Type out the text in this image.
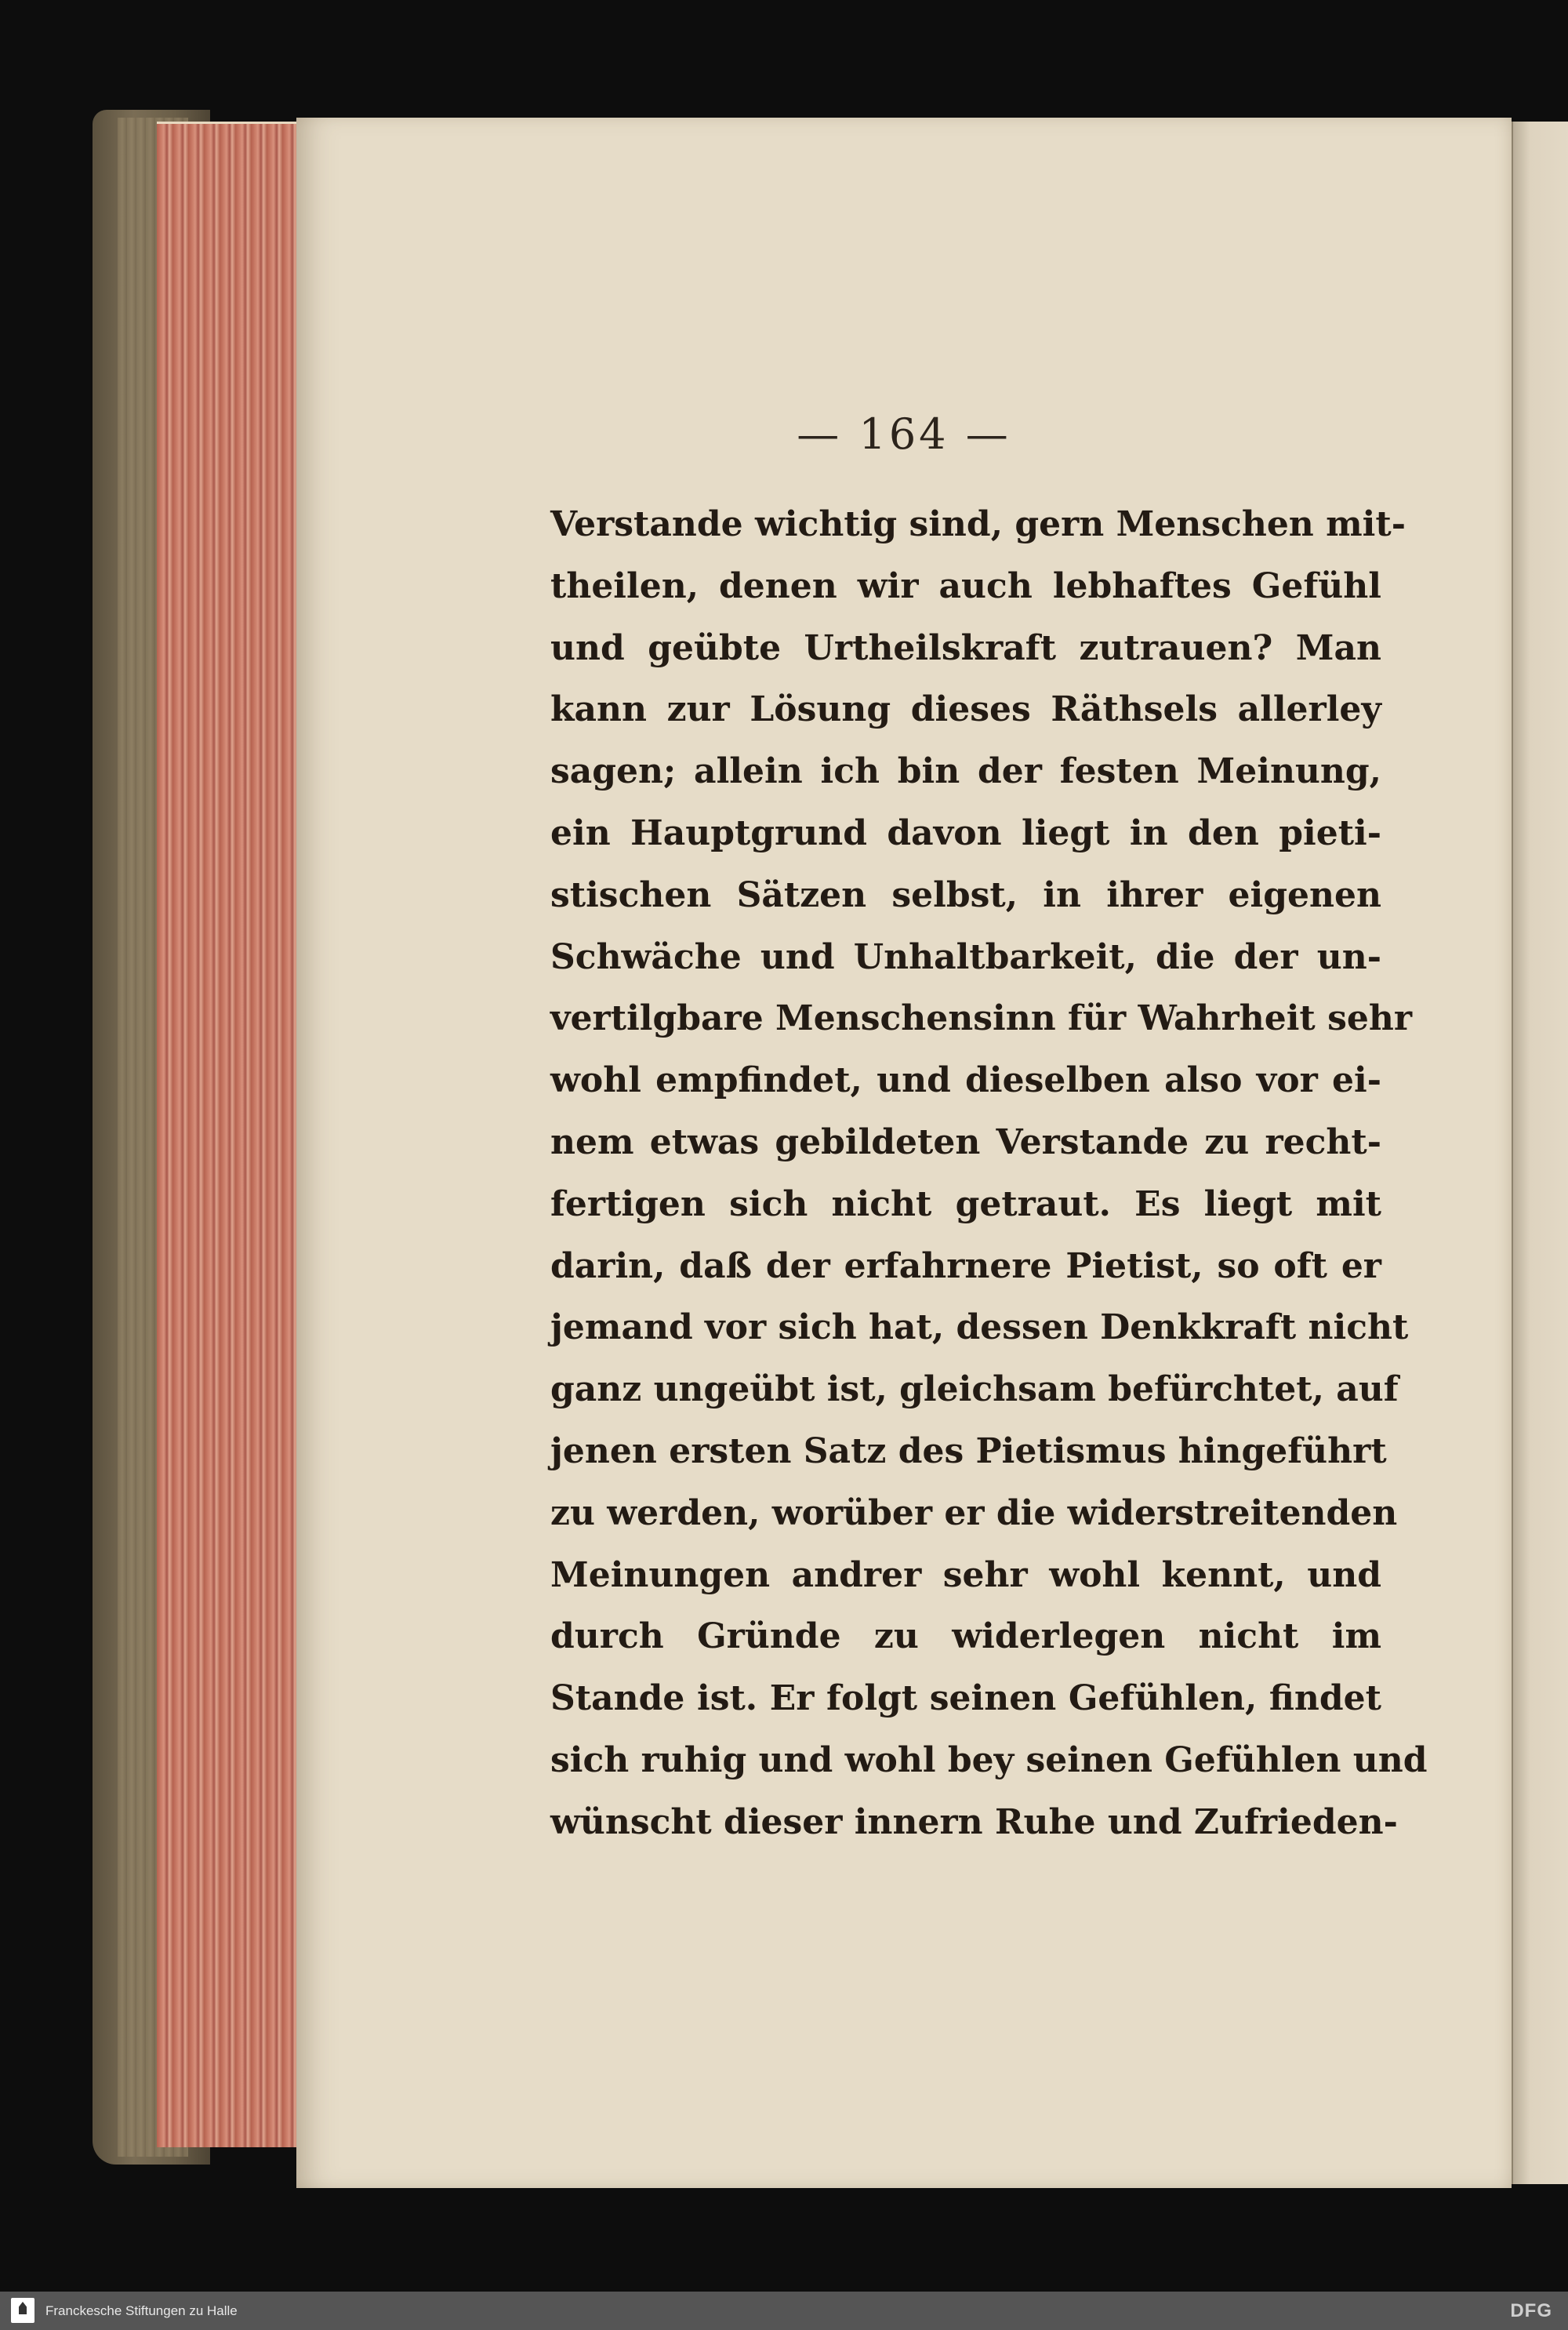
— 164 —
Verstande wichtig sind, gern Menschen mit-
theilen, denen wir auch lebhaftes Gefühl
und geübte Urtheilskraft zutrauen? Man
kann zur Lösung dieses Räthsels allerley
sagen; allein ich bin der festen Meinung,
ein Hauptgrund davon liegt in den pieti-
stischen Sätzen selbst, in ihrer eigenen
Schwäche und Unhaltbarkeit, die der un-
vertilgbare Menschensinn für Wahrheit sehr
wohl empfindet, und dieselben also vor ei-
nem etwas gebildeten Verstande zu recht-
fertigen sich nicht getraut. Es liegt mit
darin, daß der erfahrnere Pietist, so oft er
jemand vor sich hat, dessen Denkkraft nicht
ganz ungeübt ist, gleichsam befürchtet, auf
jenen ersten Satz des Pietismus hingeführt
zu werden, worüber er die widerstreitenden
Meinungen andrer sehr wohl kennt, und
durch Gründe zu widerlegen nicht im
Stande ist. Er folgt seinen Gefühlen, findet
sich ruhig und wohl bey seinen Gefühlen und
wünscht dieser innern Ruhe und Zufrieden-
Franckesche Stiftungen zu Halle	DFG
